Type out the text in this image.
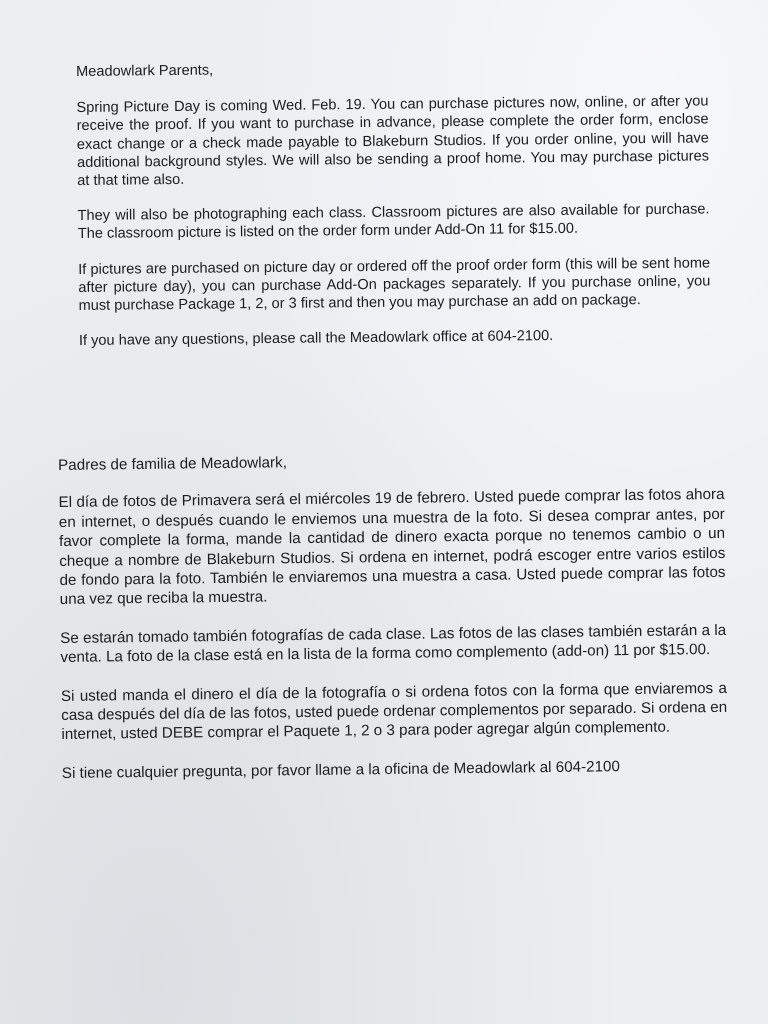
Meadowlark Parents,

Spring Picture Day is coming Wed. Feb. 19. You can purchase pictures now, online, or after you receive the proof. If you want to purchase in advance, please complete the order form, enclose exact change or a check made payable to Blakeburn Studios. If you order online, you will have additional background styles. We will also be sending a proof home. You may purchase pictures at that time also.

They will also be photographing each class. Classroom pictures are also available for purchase. The classroom picture is listed on the order form under Add-On 11 for $15.00.

If pictures are purchased on picture day or ordered off the proof order form (this will be sent home after picture day), you can purchase Add-On packages separately. If you purchase online, you must purchase Package 1, 2, or 3 first and then you may purchase an add on package.

If you have any questions, please call the Meadowlark office at 604-2100.

Padres de familia de Meadowlark,

El día de fotos de Primavera será el miércoles 19 de febrero. Usted puede comprar las fotos ahora en internet, o después cuando le enviemos una muestra de la foto. Si desea comprar antes, por favor complete la forma, mande la cantidad de dinero exacta porque no tenemos cambio o un cheque a nombre de Blakeburn Studios. Si ordena en internet, podrá escoger entre varios estilos de fondo para la foto. También le enviaremos una muestra a casa. Usted puede comprar las fotos una vez que reciba la muestra.

Se estarán tomado también fotografías de cada clase. Las fotos de las clases también estarán a la venta. La foto de la clase está en la lista de la forma como complemento (add-on) 11 por $15.00.

Si usted manda el dinero el día de la fotografía o si ordena fotos con la forma que enviaremos a casa después del día de las fotos, usted puede ordenar complementos por separado. Si ordena en internet, usted DEBE comprar el Paquete 1, 2 o 3 para poder agregar algún complemento.

Si tiene cualquier pregunta, por favor llame a la oficina de Meadowlark al 604-2100
